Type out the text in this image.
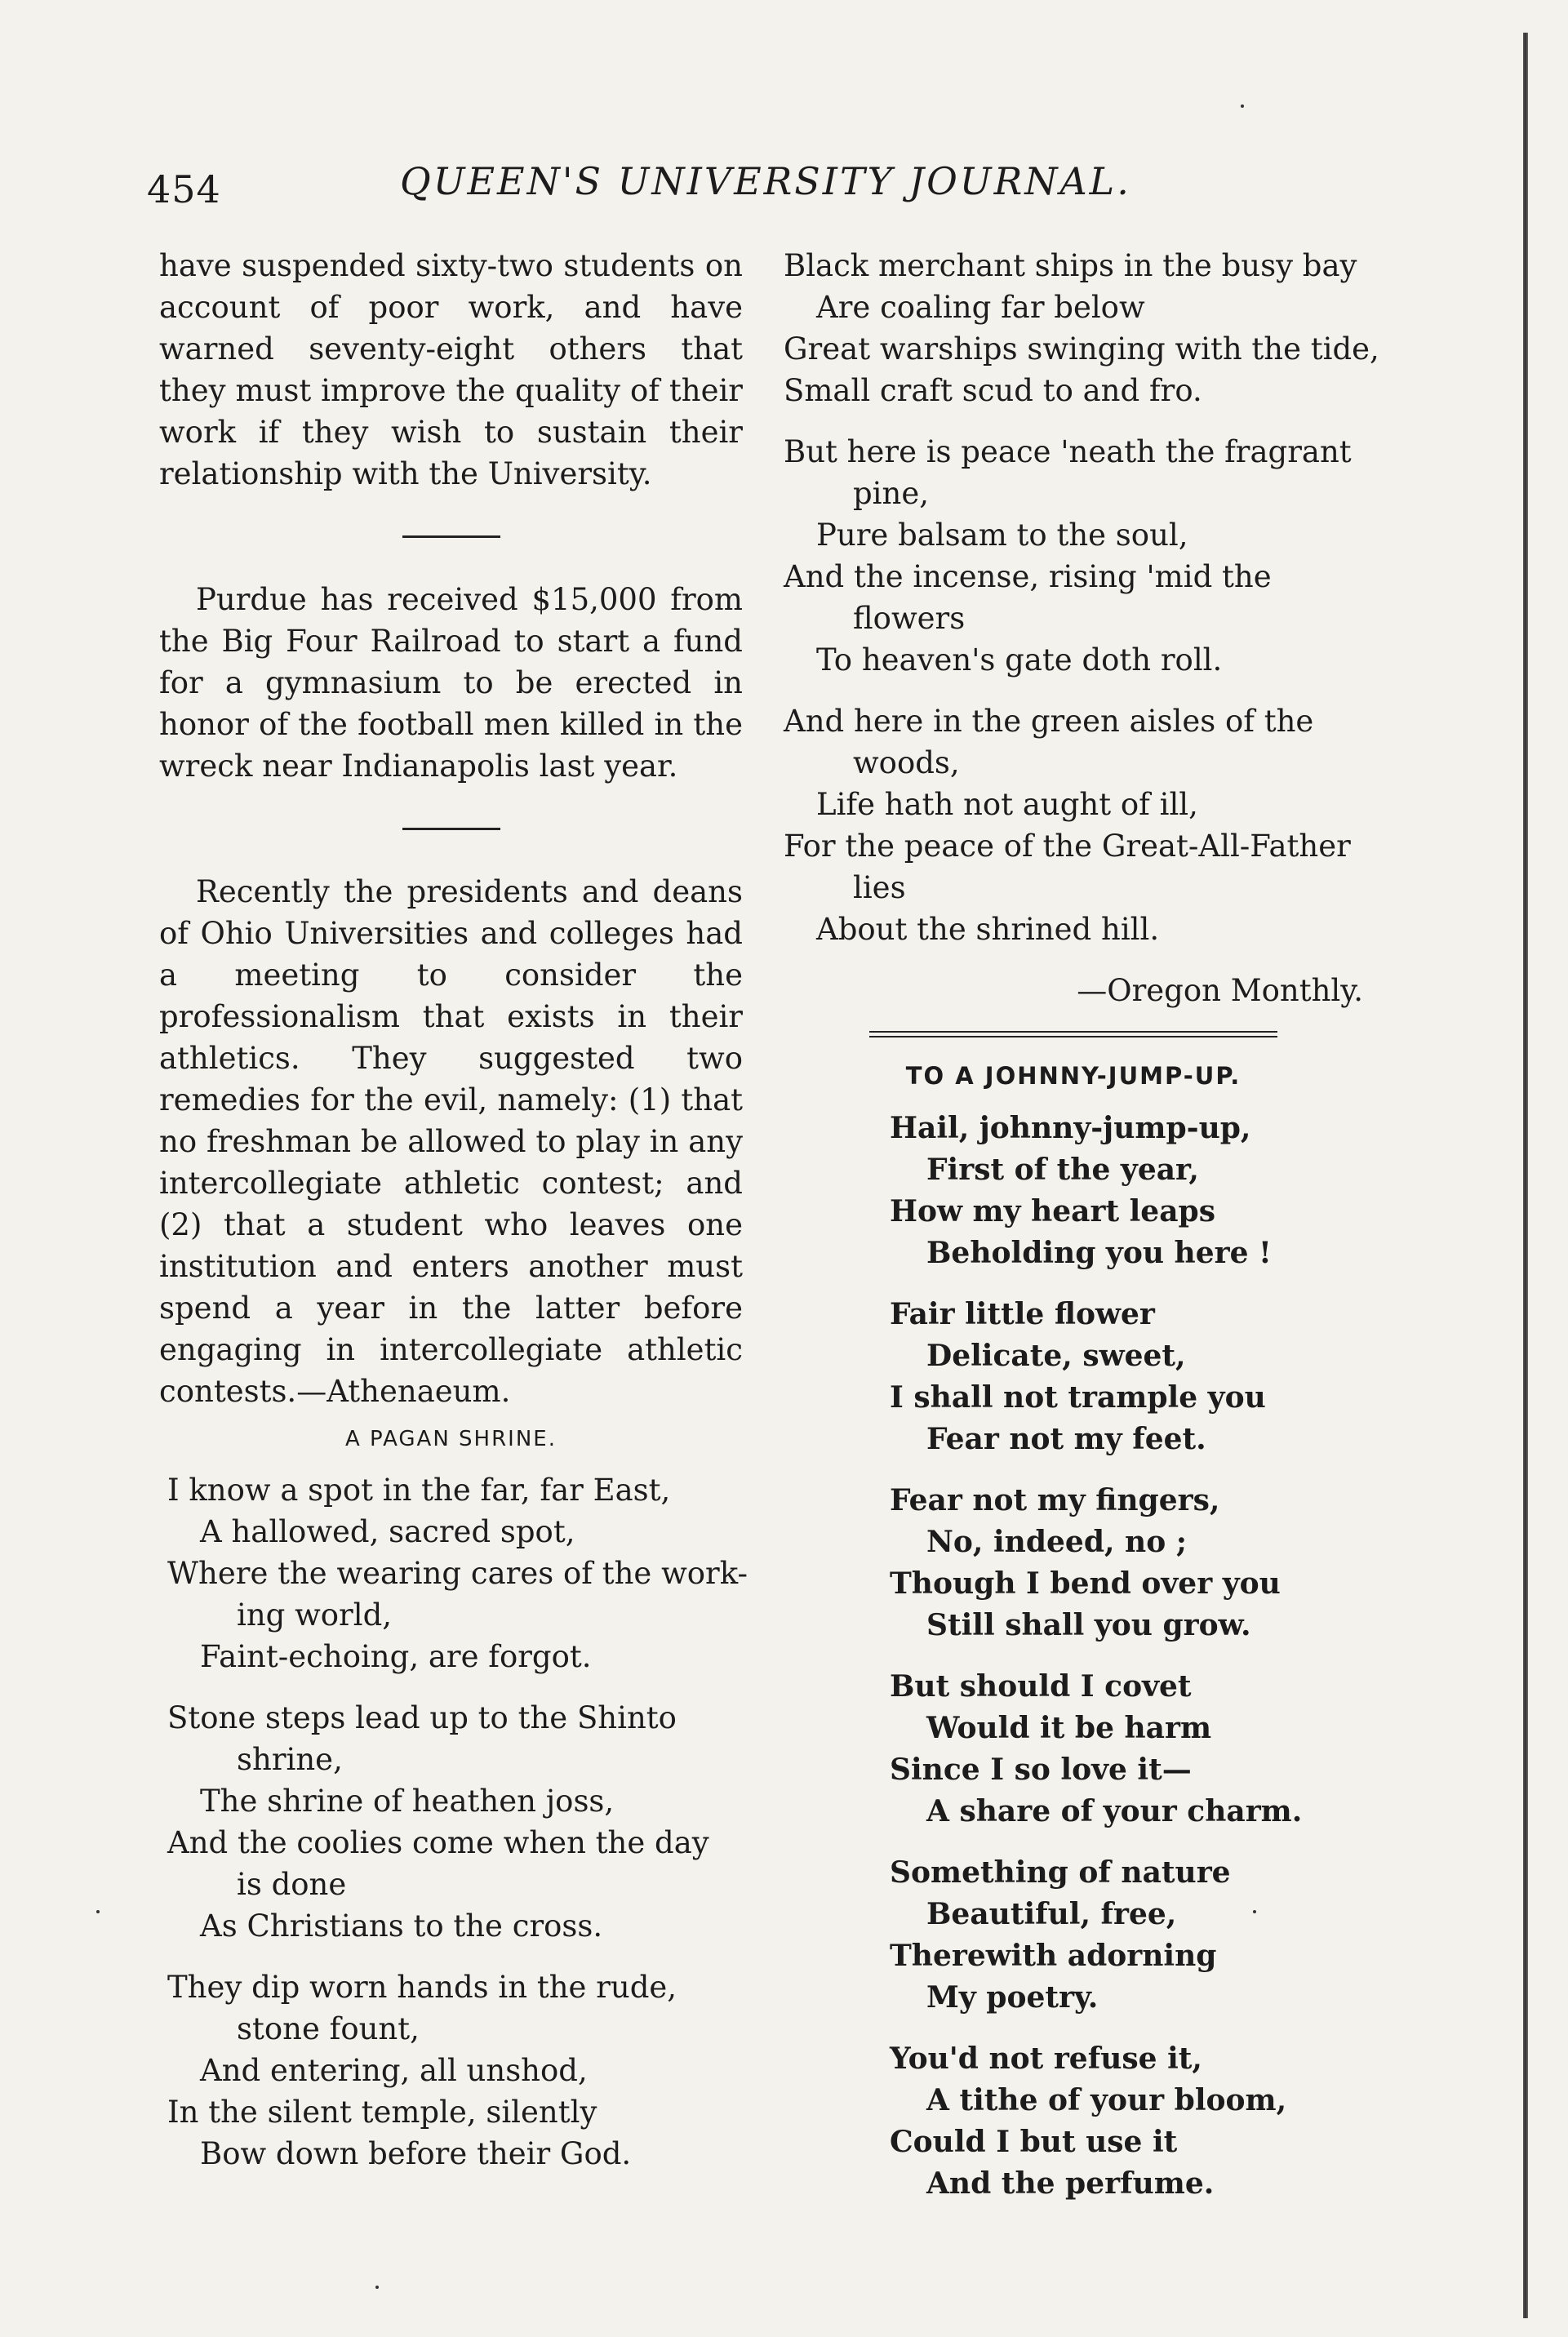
454	QUEEN'S UNIVERSITY JOURNAL.

have suspended sixty-two students on account of poor work, and have warned seventy-eight others that they must improve the quality of their work if they wish to sustain their relationship with the University.

Purdue has received $15,000 from the Big Four Railroad to start a fund for a gymnasium to be erected in honor of the football men killed in the wreck near Indianapolis last year.

Recently the presidents and deans of Ohio Universities and colleges had a meeting to consider the professionalism that exists in their athletics. They suggested two remedies for the evil, namely: (1) that no freshman be allowed to play in any intercollegiate athletic contest; and (2) that a student who leaves one institution and enters another must spend a year in the latter before engaging in intercollegiate athletic contests.—Athenaeum.

A PAGAN SHRINE.
I know a spot in the far, far East,
A hallowed, sacred spot,
Where the wearing cares of the work-
ing world,
Faint-echoing, are forgot.
Stone steps lead up to the Shinto
shrine,
The shrine of heathen joss,
And the coolies come when the day
is done
As Christians to the cross.
They dip worn hands in the rude,
stone fount,
And entering, all unshod,
In the silent temple, silently
Bow down before their God.
Black merchant ships in the busy bay
Are coaling far below
Great warships swinging with the tide,
Small craft scud to and fro.
But here is peace 'neath the fragrant
pine,
Pure balsam to the soul,
And the incense, rising 'mid the
flowers
To heaven's gate doth roll.
And here in the green aisles of the
woods,
Life hath not aught of ill,
For the peace of the Great-All-Father
lies
About the shrined hill.
—Oregon Monthly.
TO A JOHNNY-JUMP-UP.
Hail, johnny-jump-up,
First of the year,
How my heart leaps
Beholding you here !
Fair little flower
Delicate, sweet,
I shall not trample you
Fear not my feet.
Fear not my fingers,
No, indeed, no ;
Though I bend over you
Still shall you grow.
But should I covet
Would it be harm
Since I so love it—
A share of your charm.
Something of nature
Beautiful, free,
Therewith adorning
My poetry.
You'd not refuse it,
A tithe of your bloom,
Could I but use it
And the perfume.
